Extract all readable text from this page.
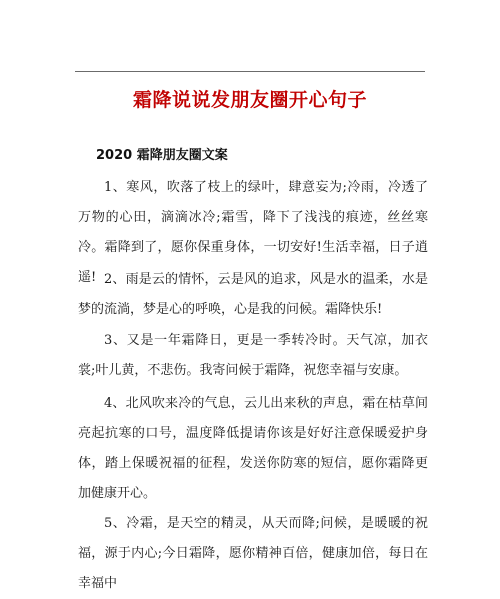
霜降说说发朋友圈开心句子
2020 霜降朋友圈文案

1、寒风，吹落了枝上的绿叶，肆意妄为;冷雨，冷透了万物的心田，滴滴冰冷;霜雪，降下了浅浅的痕迹，丝丝寒冷。霜降到了，愿你保重身体，一切安好!生活幸福，日子逍遥! 2、雨是云的情怀，云是风的追求，风是水的温柔，水是梦的流淌，梦是心的呼唤，心是我的问候。霜降快乐!

3、又是一年霜降日，更是一季转冷时。天气凉，加衣裳;叶儿黄，不悲伤。我寄问候于霜降，祝您幸福与安康。

4、北风吹来冷的气息，云儿出来秋的声息，霜在枯草间亮起抗寒的口号，温度降低提请你该是好好注意保暖爱护身体，踏上保暖祝福的征程，发送你防寒的短信，愿你霜降更加健康开心。

5、冷霜，是天空的精灵，从天而降;问候，是暖暖的祝福，源于内心;今日霜降，愿你精神百倍，健康加倍，每日在幸福中
